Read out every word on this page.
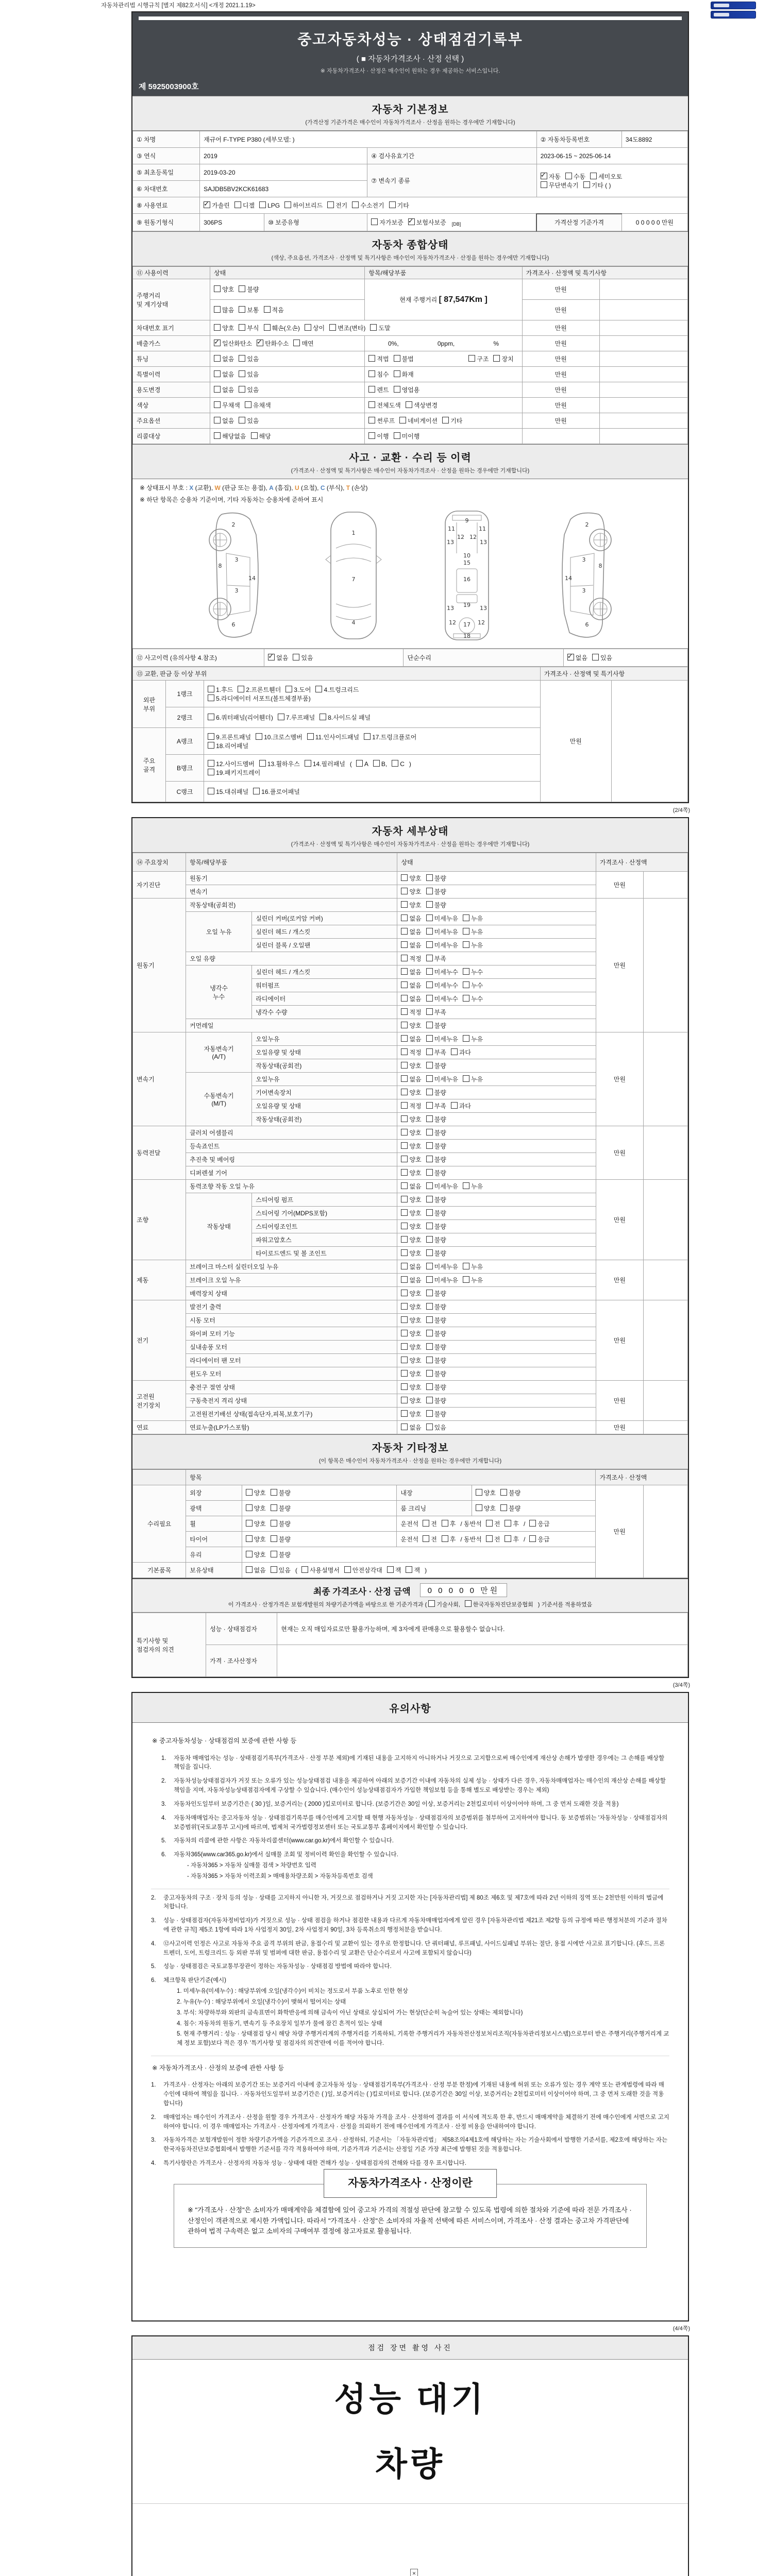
자동차관리법 시행규칙 [별지 제82호서식] <개정 2021.1.19>
중고자동차성능 · 상태점검기록부
( ■ 자동차가격조사 · 산정 선택 )
※ 자동차가격조사 · 산정은 매수인이 원하는 경우 제공하는 서비스입니다.
제 5925003900호
자동차 기본정보
(가격산정 기준가격은 매수인이 자동차가격조사 · 산정을 원하는 경우에만 기재합니다)
① 차명	재규어 F-TYPE P380 (세부모델: )			② 자동차등록번호	34도8892
③ 연식	2019		④ 검사유효기간	2023-06-15 ~ 2025-06-14	
⑤ 최초등록일	2019-03-20		⑦ 변속기 종류	✓자동 수동 세미오토
무단변속기 기타 ( )
⑥ 차대번호	SAJDB5BV2KCK61683				
⑧ 사용연료	✓가솔린 디젤 LPG 하이브리드 전기 수소전기 기타
⑨ 원동기형식	306PS	⑩ 보증유형	자가보증 ✓ 보험사보증 [DB]	가격산정 기준가격	0 0 0 0 0 만원
자동차 종합상태
(색상, 주요옵션, 가격조사 · 산정액 및 특기사항은 매수인이 자동차가격조사 · 산정을 원하는 경우에만 기재합니다)
⑪ 사용이력	상태	항목/해당부품	가격조사 · 산정액 및 특기사항	
주행거리
및 계기상태	양호 불량	현재 주행거리 [ 87,547Km ]	만원	
	많음 보통 적음		만원	
차대번호 표기	양호 부식 훼손(오손) 상이 변조(변타) 도말		만원	
배출가스	✓일산화탄소 ✓ 탄화수소 매연	0%, 0ppm, %	만원	
튜닝	없음 있음	적법 불법 구조 장치	만원	
특별이력	없음 있음	침수 화재	만원	
용도변경	없음 있음	렌트 영업용	만원	
색상	무채색 유채색	전체도색 색상변경	만원	
주요옵션	없음 있음	썬루프 네비게이션 기타	만원	
리콜대상	해당없음 해당	이행 미이행		
사고 · 교환 · 수리 등 이력
(가격조사 · 산정액 및 특기사항은 매수인이 자동차가격조사 · 산정을 원하는 경우에만 기재합니다)
※ 상태표시 부호 : X (교환), W (판금 또는 용접), A (흠집), U (요철), C (부식), T (손상)
※ 하단 항목은 승용차 기준이며, 기타 자동차는 승용차에 준하여 표시
2
8
3
3
14
6
1
7
4
11	11
13	13
12 12
9
10
15
16
13	13
19
17
12	12
18
2
8
3
3
14
6
⑫ 사고이력 (유의사항 4.참조)	✓없음 있음	단순수리	✓없음 있음
⑬ 교환, 판금 등 이상 부위			가격조사 · 산정액 및 특기사항	
외판
부위	1랭크	1.후드 2.프론트휀더 3.도어 4.트렁크리드
5.라디에이터 서포트(볼트체결부품)	만원	
	2랭크	6.쿼터패널(리어휀더) 7.루프패널 8.사이드실 패널		
주요
골격	A랭크	9.프론트패널 10.크로스멤버 11.인사이드패널 17.트렁크플로어
18.리어패널		
	B랭크	12.사이드멤버 13.휠하우스 14.필러패널 ( A B, C )
19.패키지트레이		
	C랭크	15.대쉬패널 16.플로어패널		
(2/4쪽)
자동차 세부상태
(가격조사 · 산정액 및 특기사항은 매수인이 자동차가격조사 · 산정을 원하는 경우에만 기재합니다)
⑭ 주요장치	항목/해당부품		상태	가격조사 · 산정액	
자기진단	원동기		양호 불량	만원	
	변속기		양호 불량		
원동기	작동상태(공회전)		양호 불량	만원	
	오일 누유	실린더 커버(로커암 커버)	없음 미세누유 누유		
		실린더 헤드 / 개스킷	없음 미세누유 누유		
		실린더 블록 / 오일팬	없음 미세누유 누유		
	오일 유량		적정 부족		
	냉각수
누수	실린더 헤드 / 개스킷	없음 미세누수 누수		
		워터펌프	없음 미세누수 누수		
		라디에이터	없음 미세누수 누수		
		냉각수 수량	적정 부족		
	커먼레일		양호 불량		
변속기	자동변속기
(A/T)	오일누유	없음 미세누유 누유	만원	
		오일유량 및 상태	적정 부족 과다		
		작동상태(공회전)	양호 불량		
	수동변속기
(M/T)	오일누유	없음 미세누유 누유		
		기어변속장치	양호 불량		
		오일유량 및 상태	적정 부족 과다		
		작동상태(공회전)	양호 불량		
동력전달	클러치 어셈블리		양호 불량	만원	
	등속죠인트		양호 불량		
	추진축 및 베어링		양호 불량		
	디퍼렌셜 기어		양호 불량		
조향	동력조향 작동 오일 누유		없음 미세누유 누유	만원	
	작동상태	스티어링 펌프	양호 불량		
		스티어링 기어(MDPS포함)	양호 불량		
		스티어링조인트	양호 불량		
		파워고압호스	양호 불량		
		타이로드엔드 및 볼 조인트	양호 불량		
제동	브레이크 마스터 실린더오일 누유		없음 미세누유 누유	만원	
	브레이크 오일 누유		없음 미세누유 누유		
	배력장치 상태		양호 불량		
전기	발전기 출력		양호 불량	만원	
	시동 모터		양호 불량		
	와이퍼 모터 기능		양호 불량		
	실내송풍 모터		양호 불량		
	라디에이터 팬 모터		양호 불량		
	윈도우 모터		양호 불량		
고전원
전기장치	충전구 절연 상태		양호 불량	만원	
	구동축전지 격리 상태		양호 불량		
	고전원전기배선 상태(접속단자,피복,보호기구)		양호 불량		
연료	연료누출(LP가스포함)		없음 있음	만원	
자동차 기타정보
(이 항목은 매수인이 자동차가격조사 · 산정을 원하는 경우에만 기재합니다)
	항목				가격조사 · 산정액	
수리필요	외장	양호 불량	내장	양호 불량	만원	
	광택	양호 불량	룸 크리닝	양호 불량		
	휠	양호 불량	운전석 전 후 / 동반석 전 후 / 응급			
	타이어	양호 불량	운전석 전 후 / 동반석 전 후 / 응급			
	유리	양호 불량				
기본품목	보유상태	없음 있음 ( 사용설명서 안전삼각대 잭 잭 )				
최종 가격조사 · 산정 금액 0 0 0 0 0 만원
이 가격조사 · 산정가격은 보험개발원의 차량기준가액을 바탕으로 한 기준가격과 ( 기술사회, 한국자동차진단보증협회 ) 기준서를 적용하였음
특기사항 및
점검자의 의견	성능 · 상태점검자	현재는 오직 매입자료로만 활용가능하며, 제 3자에게 판매용으로 활용할수 없습니다.
	가격 · 조사산정자	
(3/4쪽)
유의사항
※ 중고자동차성능 · 상태점검의 보증에 관한 사항 등
1.	자동차 매매업자는 성능 · 상태점검기록부(가격조사 · 산정 부분 제외)에 기재된 내용을 고지하지 아니하거나 거짓으로 고지함으로써 매수인에게 재산상 손해가 발생한 경우에는 그 손해를 배상할 책임을 집니다.
2.	자동차성능상태점검자가 거짓 또는 오류가 있는 성능상태점검 내용을 제공하여 아래의 보증기간 이내에 자동차의 실제 성능 · 상태가 다른 경우, 자동차매매업자는 매수인의 재산상 손해를 배상할 책임을 지며, 자동차성능상태점검자에게 구상할 수 있습니다. (매수인이 성능상태점검자가 가입한 책임보험 등을 통해 별도로 배상받는 경우는 제외)
3.	자동차인도일부터 보증기간은 ( 30 )일, 보증거리는 ( 2000 )킬로미터로 합니다. (보증기간은 30일 이상, 보증거리는 2천킬로미터 이상이어야 하며, 그 중 먼저 도래한 것을 적용)
4.	자동차매매업자는 중고자동차 성능 · 상태점검기록부를 매수인에게 고지할 때 현행 자동차성능 · 상태점검자의 보증범위를 첨부하여 고지하여야 합니다. 동 보증범위는 '자동차성능 · 상태점검자의 보증범위'(국토교통부 고시)에 따르며, 법제처 국가법령정보센터 또는 국토교통부 홈페이지에서 확인할 수 있습니다.
5.	자동차의 리콜에 관한 사항은 자동차리콜센터(www.car.go.kr)에서 확인할 수 있습니다.
6.	자동차365(www.car365.go.kr)에서 실매물 조회 및 정비이력 확인을 확인할 수 있습니다.
- 자동차365 > 자동차 실매물 검색 > 차량번호 입력
- 자동차365 > 자동차 이력조회 > 매매용차량조회 > 자동차등록번호 검색
2.	중고자동차의 구조 · 장치 등의 성능 · 상태를 고지하지 아니한 자, 거짓으로 점검하거나 거짓 고지한 자는 [자동차관리법] 제 80조 제6호 및 제7호에 따라 2년 이하의 징역 또는 2천만원 이하의 벌금에 처합니다.
3.	성능 · 상태점검자(자동차정비업자)가 거짓으로 성능 · 상태 점검을 하거나 점검한 내용과 다르게 자동차매매업자에게 알린 경우 [자동차관리법 제21조 제2항 등의 규정에 따른 행정처분의 기준과 절차에 관한 규칙] 제5조 1항에 따라 1차 사업정지 30일, 2차 사업정지 90일, 3차 등록취소의 행정처분을 받습니다.
4.	⑫사고이력 인정은 사고로 자동차 주요 골격 부위의 판금, 용접수리 및 교환이 있는 경우로 한정합니다. 단 쿼터패널, 루프패널, 사이드실패널 부위는 절단, 용접 시에만 사고로 표기합니다. (후드, 프론트펜더, 도어, 트렁크리드 등 외판 부위 및 범퍼에 대한 판금, 용접수리 및 교환은 단순수리로서 사고에 포함되지 않습니다)
5.	성능 · 상태점검은 국토교통부장관이 정하는 자동차성능 · 상태점검 방법에 따라야 합니다.
6.	체크항목 판단기준(예시)
1. 미세누유(미세누수) : 해당부위에 오일(냉각수)이 비치는 정도로서 부품 노후로 인한 현상
2. 누유(누수) : 해당부위에서 오일(냉각수)이 맺혀서 떨어지는 상태
3. 부식: 차량하부와 외판의 금속표면이 화학반응에 의해 금속이 아닌 상태로 상실되어 가는 현상(단순히 녹슬어 있는 상태는 제외합니다)
4. 침수: 자동차의 원동기, 변속기 등 주요장치 일부가 물에 잠긴 흔적이 있는 상태
5. 현재 주행거리 : 성능 · 상태점검 당시 해당 차량 주행거리계의 주행거리를 기록하되, 기록한 주행거리가 자동차전산정보처리조직(자동차관리정보시스템)으로부터 받은 주행거리(주행거리계 교체 정보 포함)보다 적은 경우 '특기사항 및 점검자의 의견'란에 이를 적어야 합니다.
※ 자동차가격조사 · 산정의 보증에 관한 사항 등
1.	가격조사 · 산정자는 아래의 보증기간 또는 보증거리 이내에 중고자동차 성능 · 상태점검기록부(가격조사 · 산정 부분 한정)에 기재된 내용에 허위 또는 오류가 있는 경우 계약 또는 관계법령에 따라 매수인에 대하여 책임을 집니다. · 자동차인도일부터 보증기간은 ( )일, 보증거리는 ( )킬로미터로 합니다. (보증기간은 30일 이상, 보증거리는 2천킬로미터 이상이어야 하며, 그 중 먼저 도래한 것을 적용합니다)
2.	매매업자는 매수인이 가격조사 · 산정을 원할 경우 가격조사 · 산정자가 해당 자동차 가격을 조사 · 산정하여 결과를 이 서식에 적도록 한 후, 반드시 매매계약을 체결하기 전에 매수인에게 서면으로 고지하여야 합니다. 이 경우 매매업자는 가격조사 · 산정자에게 가격조사 · 산정을 의뢰하기 전에 매수인에게 가격조사 · 산정 비용을 안내하여야 합니다.
3.	자동차가격은 보험개발원이 정한 차량기준가액을 기준가격으로 조사 · 산정하되, 기준서는 「자동차관리법」 제58조의4제1호에 해당하는 자는 기술사회에서 발행한 기준서를, 제2호에 해당하는 자는 한국자동차진단보증협회에서 발행한 기준서를 각각 적용하여야 하며, 기준가격과 기준서는 산정일 기준 가장 최근에 발행된 것을 적용합니다.
4.	특기사항란은 가격조사 · 산정자의 자동차 성능 · 상태에 대한 견해가 성능 · 상태점검자의 견해와 다를 경우 표시합니다.
자동차가격조사 · 산정이란
※ "가격조사 · 산정"은 소비자가 매매계약을 체결함에 있어 중고차 가격의 적절성 판단에 참고할 수 있도록 법령에 의한 절차와 기준에 따라 전문 가격조사 · 산정인이 객관적으로 제시한 가액입니다. 따라서 "가격조사 · 산정"은 소비자의 자율적 선택에 따른 서비스이며, 가격조사 · 산정 결과는 중고차 가격판단에 관하여 법적 구속력은 없고 소비자의 구매여부 결정에 참고자료로 활용됩니다.
(4/4쪽)
점검 장면 촬영 사진
성능 대기
차량
✕
